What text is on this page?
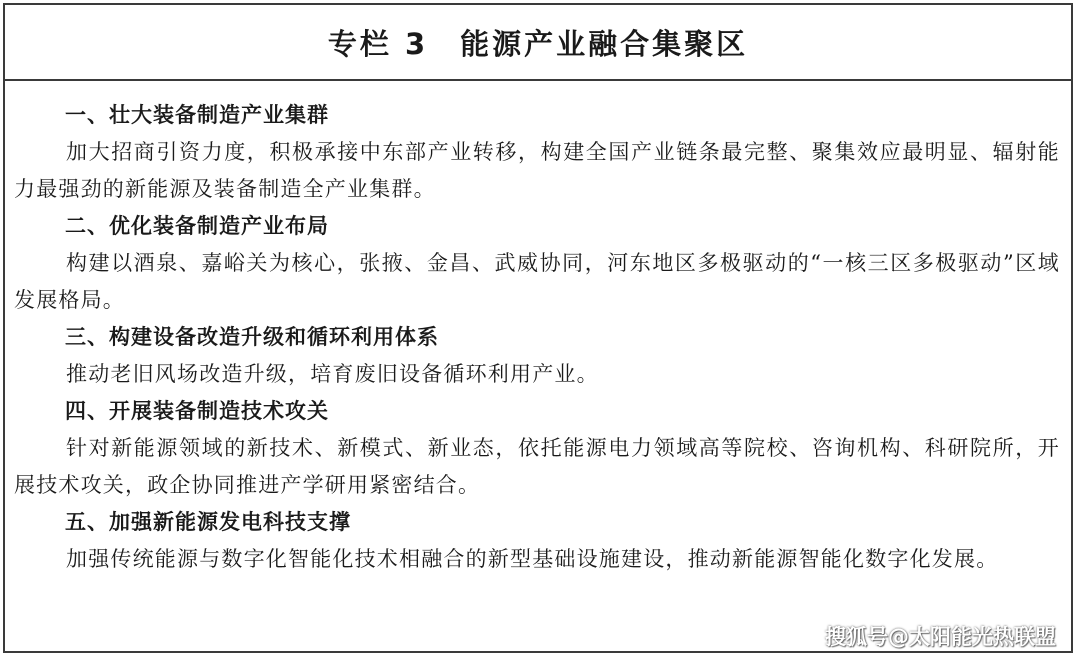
专栏 3　能源产业融合集聚区

一、壮大装备制造产业集群

加大招商引资力度，积极承接中东部产业转移，构建全国产业链条最完整、聚集效应最明显、辐射能力最强劲的新能源及装备制造全产业集群。

二、优化装备制造产业布局

构建以酒泉、嘉峪关为核心，张掖、金昌、武威协同，河东地区多极驱动的“一核三区多极驱动”区域发展格局。

三、构建设备改造升级和循环利用体系

推动老旧风场改造升级，培育废旧设备循环利用产业。

四、开展装备制造技术攻关

针对新能源领域的新技术、新模式、新业态，依托能源电力领域高等院校、咨询机构、科研院所，开展技术攻关，政企协同推进产学研用紧密结合。

五、加强新能源发电科技支撑

加强传统能源与数字化智能化技术相融合的新型基础设施建设，推动新能源智能化数字化发展。

搜狐号@太阳能光热联盟
